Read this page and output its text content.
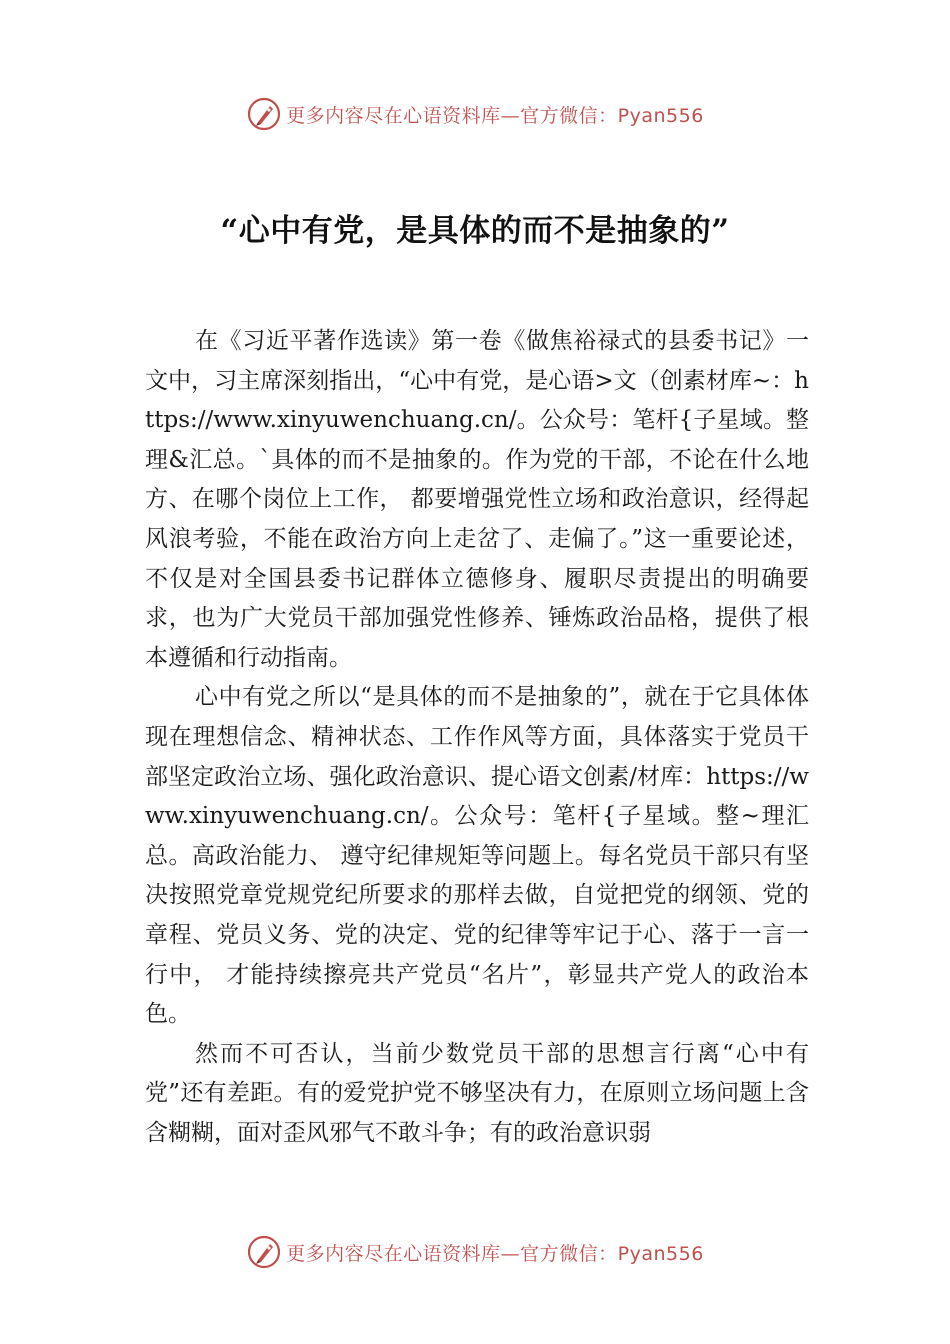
更多内容尽在心语资料库—官方微信：Pyan556
“心中有党，是具体的而不是抽象的”

在《习近平著作选读》第一卷《做焦裕禄式的县委书记》一文中，习主席深刻指出，“心中有党，是心语>文（创素材库~：https://www.xinyuwenchuang.cn/。公众号：笔杆{子星域。整理&汇总。`具体的而不是抽象的。作为党的干部，不论在什么地方、在哪个岗位上工作， 都要增强党性立场和政治意识，经得起风浪考验，不能在政治方向上走岔了、走偏了。”这一重要论述，不仅是对全国县委书记群体立德修身、履职尽责提出的明确要求，也为广大党员干部加强党性修养、锤炼政治品格，提供了根本遵循和行动指南。

心中有党之所以“是具体的而不是抽象的”，就在于它具体体现在理想信念、精神状态、工作作风等方面，具体落实于党员干部坚定政治立场、强化政治意识、提心语文创素/材库：https://www.xinyuwenchuang.cn/。公众号：笔杆{子星域。整~理汇总。高政治能力、 遵守纪律规矩等问题上。每名党员干部只有坚决按照党章党规党纪所要求的那样去做，自觉把党的纲领、党的章程、党员义务、党的决定、党的纪律等牢记于心、落于一言一行中， 才能持续擦亮共产党员“名片”，彰显共产党人的政治本色。

然而不可否认，当前少数党员干部的思想言行离“心中有党”还有差距。有的爱党护党不够坚决有力，在原则立场问题上含含糊糊，面对歪风邪气不敢斗争；有的政治意识弱

更多内容尽在心语资料库—官方微信：Pyan556
